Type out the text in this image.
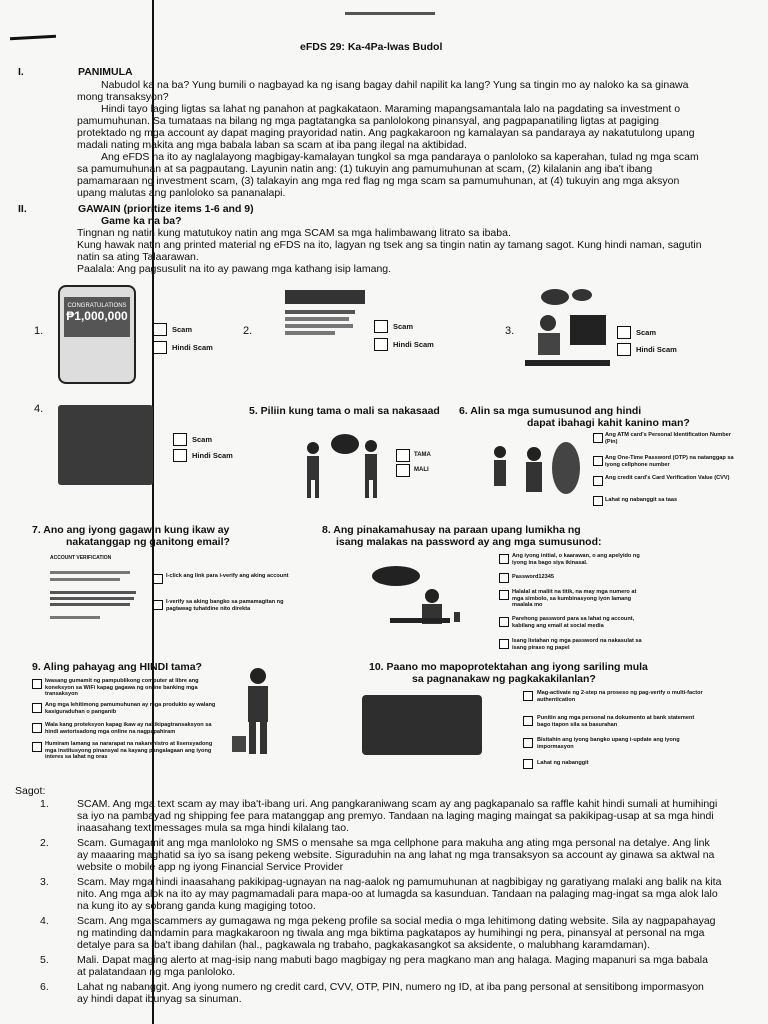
eFDS 29: Ka-4Pa-lwas Budol
I.	PANIMULA
Nabudol ka na ba? Yung bumili o nagbayad ka ng isang bagay dahil napilit ka lang? Yung sa tingin mo ay naloko ka sa ginawa
mong transaksyon?
Hindi tayo laging ligtas sa lahat ng panahon at pagkakataon. Maraming mapangsamantala lalo na pagdating sa investment o
pamumuhunan. Sa tumataas na bilang ng mga pagtatangka sa panlolokong pinansyal, ang pagpapanatiling ligtas at pagiging
protektado ng mga account ay dapat maging prayoridad natin. Ang pagkakaroon ng kamalayan sa pandaraya ay nakatutulong upang
madali nating makita ang mga babala laban sa scam at iba pang ilegal na aktibidad.
Ang eFDS na ito ay naglalayong magbigay-kamalayan tungkol sa mga pandaraya o panloloko sa kaperahan, tulad ng mga scam
sa pamumuhunan at sa pagpautang. Layunin natin ang: (1) tukuyin ang pamumuhunan at scam, (2) kilalanin ang iba't ibang
pamamaraan ng investment scam, (3) talakayin ang mga red flag ng mga scam sa pamumuhunan, at (4) tukuyin ang mga aksyon
upang malutas ang panloloko sa pananalapi.
II.	GAWAIN (prioritize items 1-6 and 9)
Game ka na ba?
Tingnan ng natin kung matutukoy natin ang mga SCAM sa mga halimbawang litrato sa ibaba.
Kung hawak natin ang printed material ng eFDS na ito, lagyan ng tsek ang sa tingin natin ay tamang sagot. Kung hindi naman, sagutin
natin sa ating Talaarawan.
Paalala: Ang pagsusulit na ito ay pawang mga kathang isip lamang.
1.
CONGRATULATIONS
₱1,000,000
Scam
Hindi Scam
2.	Scam
Hindi Scam
3.	Scam
Hindi Scam
4.
Scam
Hindi Scam
5. Piliin kung tama o mali sa nakasaad
TAMA
MALI
6. Alin sa mga sumusunod ang hindi
dapat ibahagi kahit kanino man?
Ang ATM card's Personal Identification Number (Pin)
Ang One-Time Password (OTP) na natanggap sa iyong cellphone number
Ang credit card's Card Verification Value (CVV)
Lahat ng nabanggit sa taas
7. Ano ang iyong gagawin kung ikaw ay
nakatanggap ng ganitong email?
ACCOUNT VERIFICATION
I-click ang link para i-verify ang aking account
I-verify sa aking bangko sa pamamagitan ng pagtawag tuhatdine nito direkta
8. Ang pinakamahusay na paraan upang lumikha ng
isang malakas na password ay ang mga sumusunod:
Ang iyong initial, o kaarawan, o ang apelyido ng iyong ina bago siya ikinasal.
Password12345
Halalal at maliit na titik, na may mga numero at mga simbolo, sa kumbinasyong iyon lamang maalala mo
Parehong password para sa lahat ng account, kabilang ang email at social media
Isang listahan ng mga password na nakasulat sa isang piraso ng papel
9. Aling pahayag ang HINDI tama?
Iwasang gumamit ng pampublikong computer at libre ang koneksyon sa WiFi kapag gagawa ng online banking mga transaksyon
Ang mga lehitimong pamumuhunan ay mga produkto ay walang kasiguraduhan o panganib
Wala kang proteksyon kapag ikaw ay nakikipagtransaksyon sa hindi awtorisadong mga online na nagpapahiram
Humiram lamang sa nararapat na nakarehistro at lisensyadong mga institusyong pinansyal na kayang pangalagaan ang iyong interes sa lahat ng oras
10. Paano mo mapoprotektahan ang iyong sariling mula
sa pagnanakaw ng pagkakakilanlan?
Mag-activate ng 2-step na proseso ng pag-verify o multi-factor authentication
Punitin ang mga personal na dokumento at bank statement bago itapon sila sa basurahan
Bisitahin ang iyong bangko upang i-update ang iyong impormasyon
Lahat ng nabanggit
Sagot:
1.	SCAM. Ang mga text scam ay may iba't-ibang uri. Ang pangkaraniwang scam ay ang pagkapanalo sa raffle kahit hindi sumali at humihingi
sa iyo na pambayad ng shipping fee para matanggap ang premyo. Tandaan na laging maging maingat sa pakikipag-usap at sa mga hindi
inaasahang text messages mula sa mga hindi kilalang tao.
2.	Scam. Gumagamit ang mga manloloko ng SMS o mensahe sa mga cellphone para makuha ang ating mga personal na detalye. Ang link
ay maaaring maghatid sa iyo sa isang pekeng website. Siguraduhin na ang lahat ng mga transaksyon sa account ay ginawa sa aktwal na
website o mobile app ng iyong Financial Service Provider
3.	Scam. May mga hindi inaasahang pakikipag-ugnayan na nag-aalok ng pamumuhunan at nagbibigay ng garatiyang malaki ang balik na kita
nito. Ang mga alok na ito ay may pagmamadali para mapa-oo at lumagda sa kasunduan. Tandaan na palaging mag-ingat sa mga alok lalo
na kung ito ay sobrang ganda kung magiging totoo.
4.	Scam. Ang mga scammers ay gumagawa ng mga pekeng profile sa social media o mga lehitimong dating website. Sila ay nagpapahayag
ng matinding damdamin para magkakaroon ng tiwala ang mga biktima pagkatapos ay humihingi ng pera, pinansyal at personal na mga
detalye para sa iba't ibang dahilan (hal., pagkawala ng trabaho, pagkakasangkot sa aksidente, o malubhang karamdaman).
5.	Mali. Dapat maging alerto at mag-isip nang mabuti bago magbigay ng pera magkano man ang halaga. Maging mapanuri sa mga babala
at palatandaan ng mga panloloko.
6.	Lahat ng nabanggit. Ang iyong numero ng credit card, CVV, OTP, PIN, numero ng ID, at iba pang personal at sensitibong impormasyon
ay hindi dapat ibunyag sa sinuman.
